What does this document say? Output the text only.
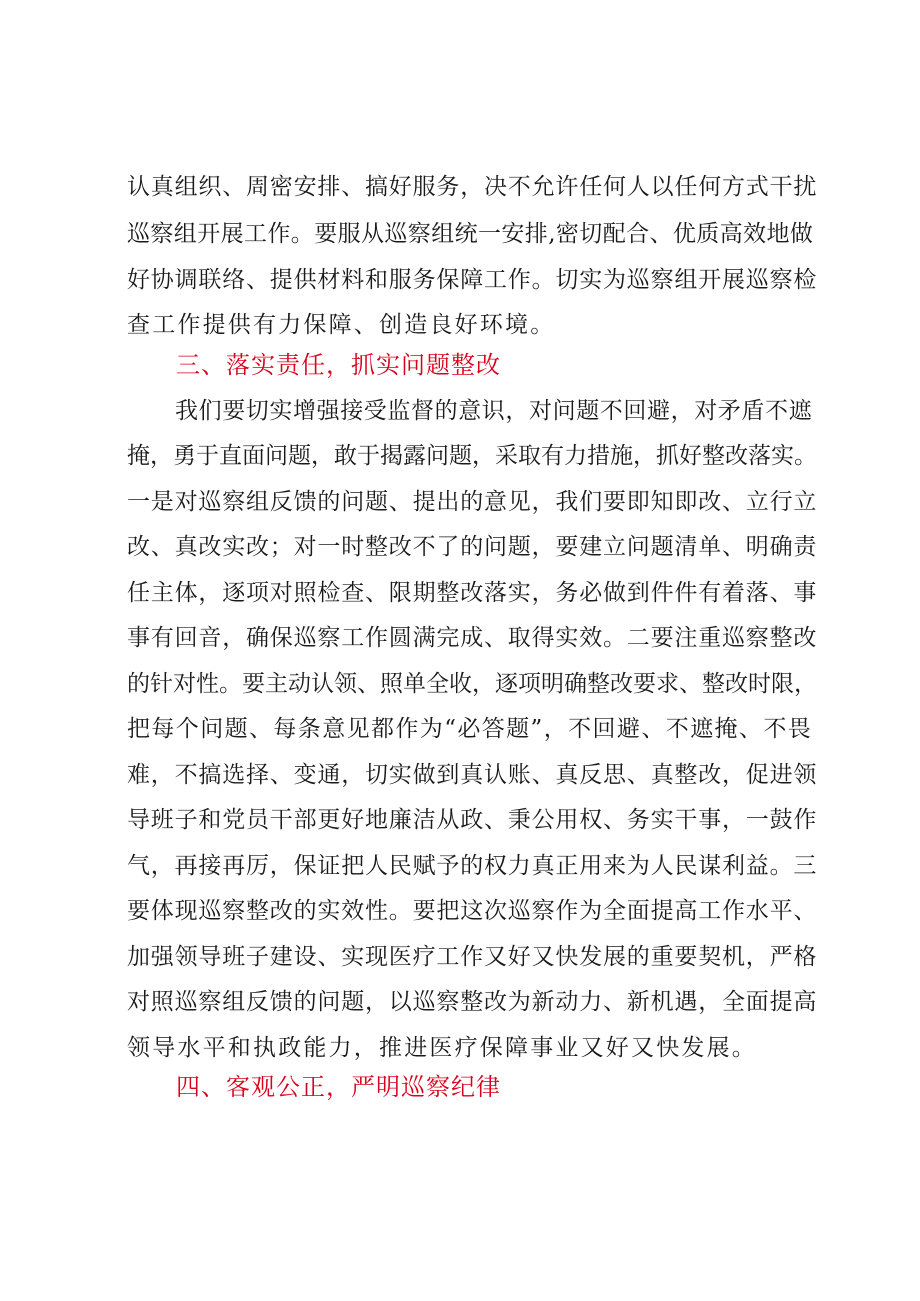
认真组织、周密安排、搞好服务，决不允许任何人以任何方式干扰
巡察组开展工作。要服从巡察组统一安排,密切配合、优质高效地做
好协调联络、提供材料和服务保障工作。切实为巡察组开展巡察检
查工作提供有力保障、创造良好环境。
三、落实责任，抓实问题整改
我们要切实增强接受监督的意识，对问题不回避，对矛盾不遮
掩，勇于直面问题，敢于揭露问题，采取有力措施，抓好整改落实。
一是对巡察组反馈的问题、提出的意见，我们要即知即改、立行立
改、真改实改；对一时整改不了的问题，要建立问题清单、明确责
任主体，逐项对照检查、限期整改落实，务必做到件件有着落、事
事有回音，确保巡察工作圆满完成、取得实效。二要注重巡察整改
的针对性。要主动认领、照单全收，逐项明确整改要求、整改时限，
把每个问题、每条意见都作为“必答题”，不回避、不遮掩、不畏
难，不搞选择、变通，切实做到真认账、真反思、真整改，促进领
导班子和党员干部更好地廉洁从政、秉公用权、务实干事，一鼓作
气，再接再厉，保证把人民赋予的权力真正用来为人民谋利益。三
要体现巡察整改的实效性。要把这次巡察作为全面提高工作水平、
加强领导班子建设、实现医疗工作又好又快发展的重要契机，严格
对照巡察组反馈的问题，以巡察整改为新动力、新机遇，全面提高
领导水平和执政能力，推进医疗保障事业又好又快发展。
四、客观公正，严明巡察纪律
